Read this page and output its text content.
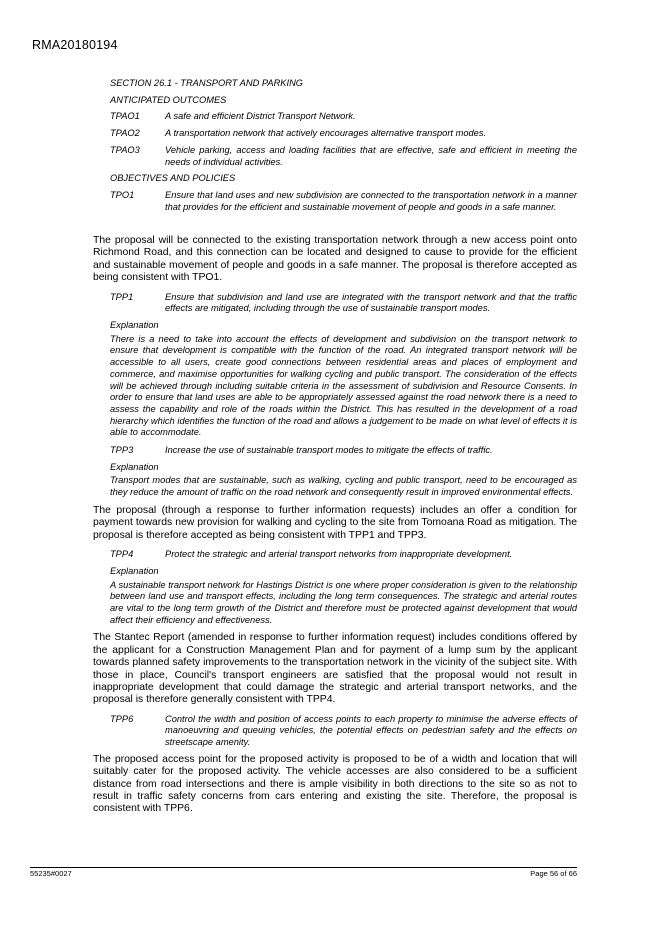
RMA20180194
SECTION 26.1 - TRANSPORT AND PARKING
ANTICIPATED OUTCOMES
TPAO1	A safe and efficient District Transport Network.
TPAO2	A transportation network that actively encourages alternative transport modes.
TPAO3	Vehicle parking, access and loading facilities that are effective, safe and efficient in meeting the needs of individual activities.
OBJECTIVES AND POLICIES
TPO1	Ensure that land uses and new subdivision are connected to the transportation network in a manner that provides for the efficient and sustainable movement of people and goods in a safe manner.

The proposal will be connected to the existing transportation network through a new access point onto Richmond Road, and this connection can be located and designed to cause to provide for the efficient and sustainable movement of people and goods in a safe manner. The proposal is therefore accepted as being consistent with TPO1.

TPP1	Ensure that subdivision and land use are integrated with the transport network and that the traffic effects are mitigated, including through the use of sustainable transport modes.
Explanation
There is a need to take into account the effects of development and subdivision on the transport network to ensure that development is compatible with the function of the road. An integrated transport network will be accessible to all users, create good connections between residential areas and places of employment and commerce, and maximise opportunities for walking cycling and public transport. The consideration of the effects will be achieved through including suitable criteria in the assessment of subdivision and Resource Consents. In order to ensure that land uses are able to be appropriately assessed against the road network there is a need to assess the capability and role of the roads within the District. This has resulted in the development of a road hierarchy which identifies the function of the road and allows a judgement to be made on what level of effects it is able to accommodate.
TPP3	Increase the use of sustainable transport modes to mitigate the effects of traffic.
Explanation
Transport modes that are sustainable, such as walking, cycling and public transport, need to be encouraged as they reduce the amount of traffic on the road network and consequently result in improved environmental effects.

The proposal (through a response to further information requests) includes an offer a condition for payment towards new provision for walking and cycling to the site from Tomoana Road as mitigation. The proposal is therefore accepted as being consistent with TPP1 and TPP3.

TPP4	Protect the strategic and arterial transport networks from inappropriate development.
Explanation
A sustainable transport network for Hastings District is one where proper consideration is given to the relationship between land use and transport effects, including the long term consequences. The strategic and arterial routes are vital to the long term growth of the District and therefore must be protected against development that would affect their efficiency and effectiveness.

The Stantec Report (amended in response to further information request) includes conditions offered by the applicant for a Construction Management Plan and for payment of a lump sum by the applicant towards planned safety improvements to the transportation network in the vicinity of the subject site. With those in place, Council's transport engineers are satisfied that the proposal would not result in inappropriate development that could damage the strategic and arterial transport networks, and the proposal is therefore generally consistent with TPP4.

TPP6	Control the width and position of access points to each property to minimise the adverse effects of manoeuvring and queuing vehicles, the potential effects on pedestrian safety and the effects on streetscape amenity.

The proposed access point for the proposed activity is proposed to be of a width and location that will suitably cater for the proposed activity. The vehicle accesses are also considered to be a sufficient distance from road intersections and there is ample visibility in both directions to the site so as not to result in traffic safety concerns from cars entering and existing the site. Therefore, the proposal is consistent with TPP6.

55235#0027	Page 56 of 66
